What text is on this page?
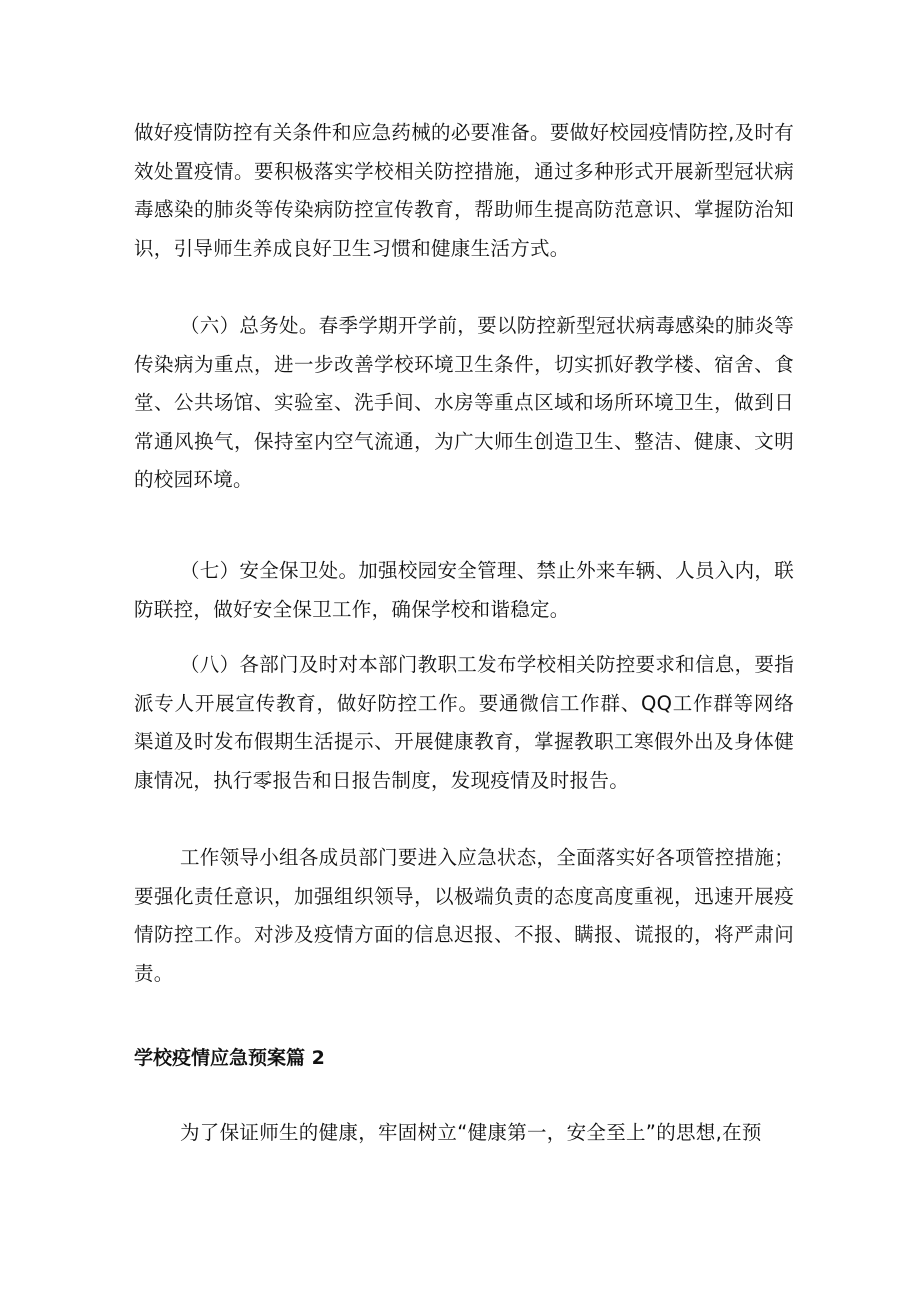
做好疫情防控有关条件和应急药械的必要准备。要做好校园疫情防控,及时有效处置疫情。要积极落实学校相关防控措施，通过多种形式开展新型冠状病毒感染的肺炎等传染病防控宣传教育，帮助师生提高防范意识、掌握防治知识，引导师生养成良好卫生习惯和健康生活方式。

（六）总务处。春季学期开学前，要以防控新型冠状病毒感染的肺炎等传染病为重点，进一步改善学校环境卫生条件，切实抓好教学楼、宿舍、食堂、公共场馆、实验室、洗手间、水房等重点区域和场所环境卫生，做到日常通风换气，保持室内空气流通，为广大师生创造卫生、整洁、健康、文明的校园环境。

（七）安全保卫处。加强校园安全管理、禁止外来车辆、人员入内，联防联控，做好安全保卫工作，确保学校和谐稳定。

（八）各部门及时对本部门教职工发布学校相关防控要求和信息，要指派专人开展宣传教育，做好防控工作。要通微信工作群、QQ工作群等网络渠道及时发布假期生活提示、开展健康教育，掌握教职工寒假外出及身体健康情况，执行零报告和日报告制度，发现疫情及时报告。

工作领导小组各成员部门要进入应急状态，全面落实好各项管控措施；要强化责任意识，加强组织领导，以极端负责的态度高度重视，迅速开展疫情防控工作。对涉及疫情方面的信息迟报、不报、瞒报、谎报的，将严肃问责。

学校疫情应急预案篇 2

为了保证师生的健康，牢固树立“健康第一，安全至上”的思想,在预
